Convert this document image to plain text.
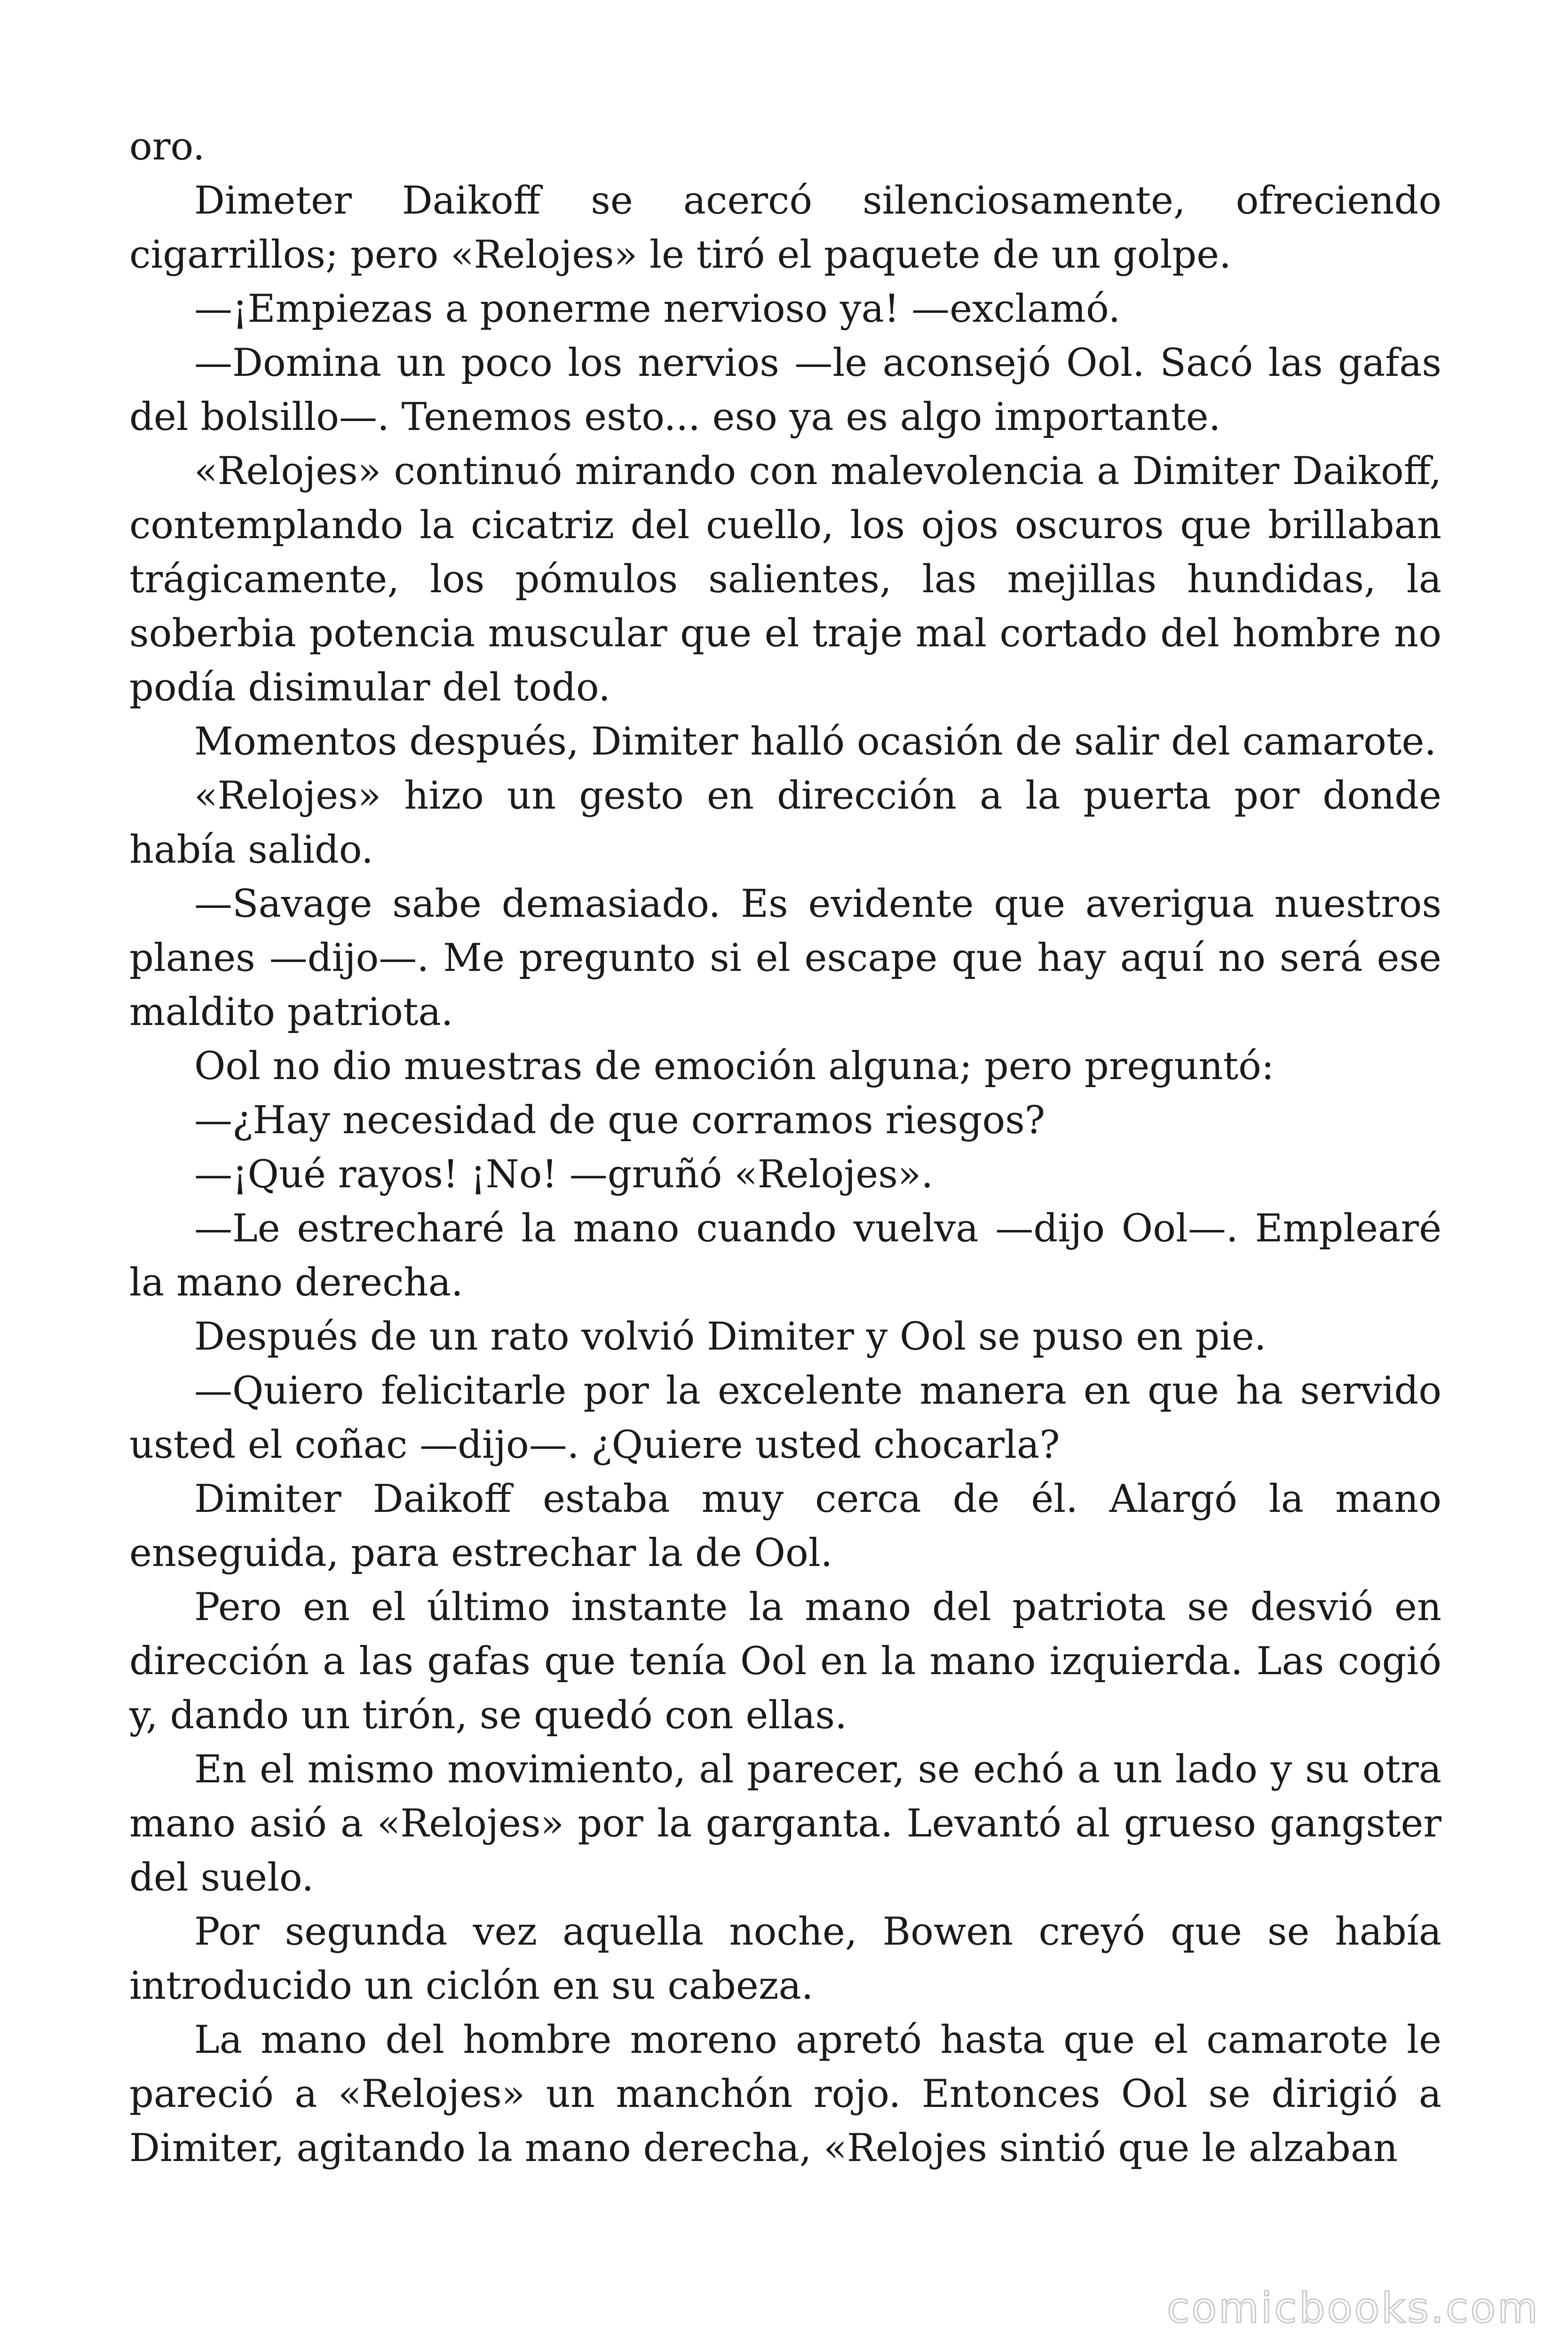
oro.

Dimeter Daikoff se acercó silenciosamente, ofreciendo cigarrillos; pero «Relojes» le tiró el paquete de un golpe.

—¡Empiezas a ponerme nervioso ya! —exclamó.

—Domina un poco los nervios —le aconsejó Ool. Sacó las gafas del bolsillo—. Tenemos esto... eso ya es algo importante.

«Relojes» continuó mirando con malevolencia a Dimiter Daikoff, contemplando la cicatriz del cuello, los ojos oscuros que brillaban trágicamente, los pómulos salientes, las mejillas hundidas, la soberbia potencia muscular que el traje mal cortado del hombre no podía disimular del todo.

Momentos después, Dimiter halló ocasión de salir del camarote.

«Relojes» hizo un gesto en dirección a la puerta por donde había salido.

—Savage sabe demasiado. Es evidente que averigua nuestros planes —dijo—. Me pregunto si el escape que hay aquí no será ese maldito patriota.

Ool no dio muestras de emoción alguna; pero preguntó:

—¿Hay necesidad de que corramos riesgos?

—¡Qué rayos! ¡No! —gruñó «Relojes».

—Le estrecharé la mano cuando vuelva —dijo Ool—. Emplearé la mano derecha.

Después de un rato volvió Dimiter y Ool se puso en pie.

—Quiero felicitarle por la excelente manera en que ha servido usted el coñac —dijo—. ¿Quiere usted chocarla?

Dimiter Daikoff estaba muy cerca de él. Alargó la mano enseguida, para estrechar la de Ool.

Pero en el último instante la mano del patriota se desvió en dirección a las gafas que tenía Ool en la mano izquierda. Las cogió y, dando un tirón, se quedó con ellas.

En el mismo movimiento, al parecer, se echó a un lado y su otra mano asió a «Relojes» por la garganta. Levantó al grueso gangster del suelo.

Por segunda vez aquella noche, Bowen creyó que se había introducido un ciclón en su cabeza.

La mano del hombre moreno apretó hasta que el camarote le pareció a «Relojes» un manchón rojo. Entonces Ool se dirigió a Dimiter, agitando la mano derecha, «Relojes sintió que le alzaban

comicbooks.com
